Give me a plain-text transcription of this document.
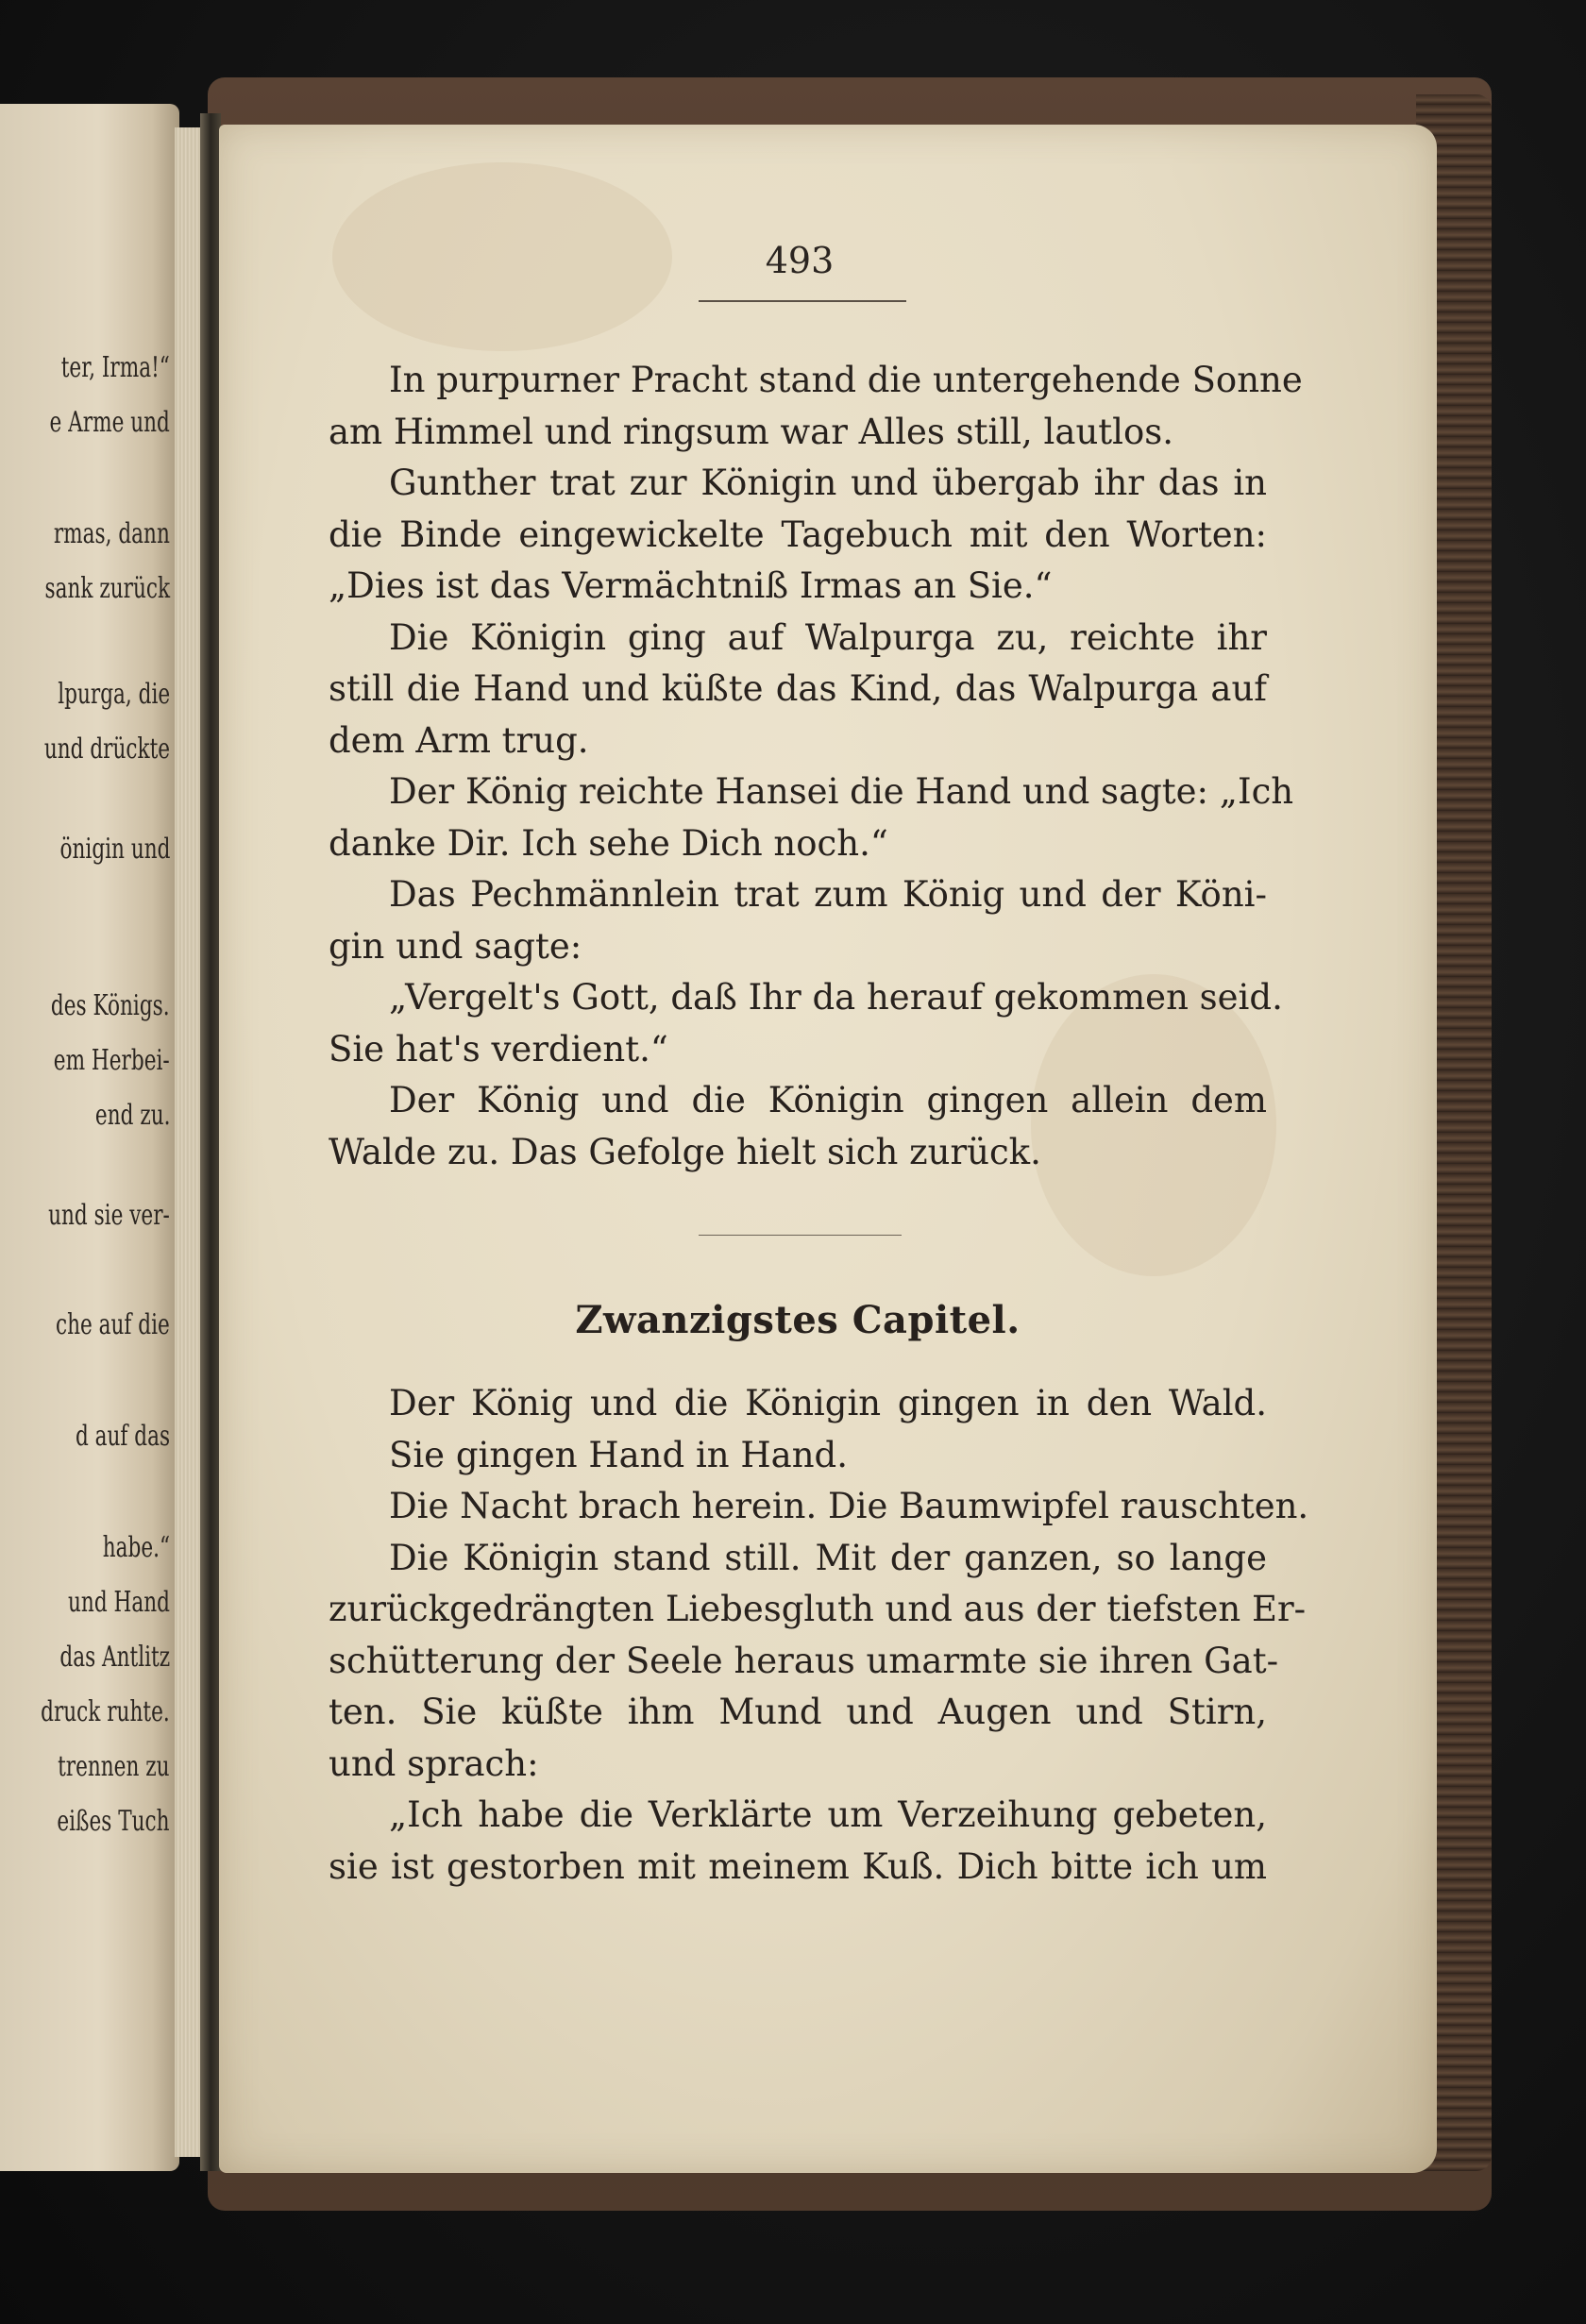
ter, Irma!“
e Arme und
rmas, dann
sank zurück
lpurga, die
und drückte
önigin und
des Königs.
em Herbei-
end zu.
und sie ver-
che auf die
d auf das
habe.“
und Hand
das Antlitz
druck ruhte.
trennen zu
eißes Tuch
493
In purpurner Pracht stand die untergehende Sonne
am Himmel und ringsum war Alles still, lautlos.
Gunther trat zur Königin und übergab ihr das in
die Binde eingewickelte Tagebuch mit den Worten:
„Dies ist das Vermächtniß Irmas an Sie.“
Die Königin ging auf Walpurga zu, reichte ihr
still die Hand und küßte das Kind, das Walpurga auf
dem Arm trug.
Der König reichte Hansei die Hand und sagte: „Ich
danke Dir. Ich sehe Dich noch.“
Das Pechmännlein trat zum König und der Köni-
gin und sagte:
„Vergelt's Gott, daß Ihr da herauf gekommen seid.
Sie hat's verdient.“
Der König und die Königin gingen allein dem
Walde zu. Das Gefolge hielt sich zurück.
Zwanzigstes Capitel.
Der König und die Königin gingen in den Wald.
Sie gingen Hand in Hand.
Die Nacht brach herein. Die Baumwipfel rauschten.
Die Königin stand still. Mit der ganzen, so lange
zurückgedrängten Liebesgluth und aus der tiefsten Er-
schütterung der Seele heraus umarmte sie ihren Gat-
ten. Sie küßte ihm Mund und Augen und Stirn,
und sprach:
„Ich habe die Verklärte um Verzeihung gebeten,
sie ist gestorben mit meinem Kuß. Dich bitte ich um
